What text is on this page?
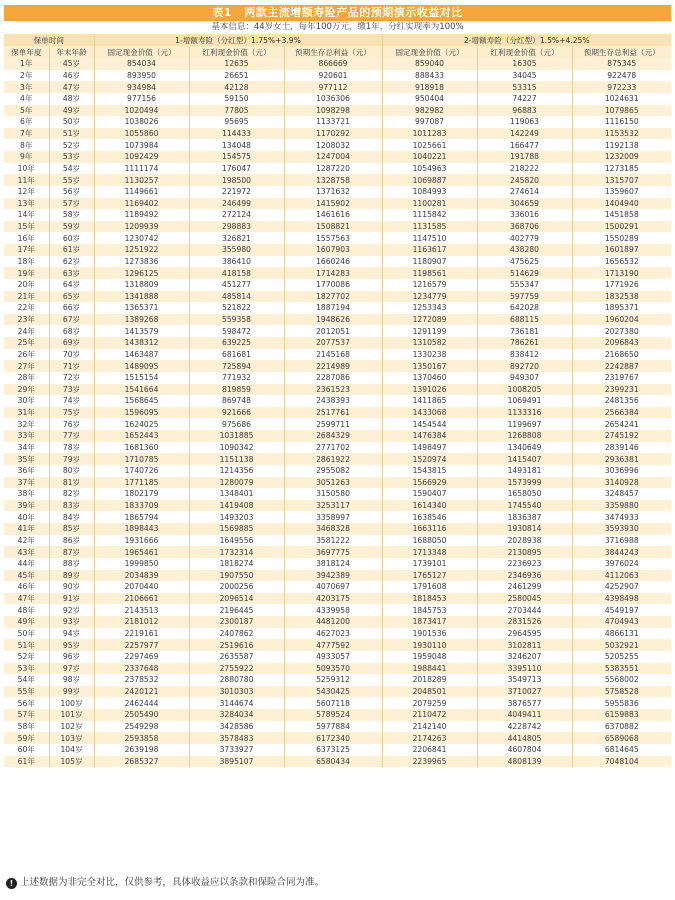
表1 两款主流增额寿险产品的预期演示收益对比
基本信息：44岁女士，每年100万元，缴1年，分红实现率为100%
保单时间		1-增额寿险（分红型）1.75%+3.9%			2-增额寿险（分红型）1.5%+4.25%		
保单年度	年末年龄	固定现金价值（元）	红利现金价值（元）	预期生存总利益（元）	固定现金价值（元）	红利现金价值（元）	预期生存总利益（元）
1年	45岁	854034	12635	866669	859040	16305	875345
2年	46岁	893950	26651	920601	888433	34045	922478
3年	47岁	934984	42128	977112	918918	53315	972233
4年	48岁	977156	59150	1036306	950404	74227	1024631
5年	49岁	1020494	77805	1098298	982982	96883	1079865
6年	50岁	1038026	95695	1133721	997087	119063	1116150
7年	51岁	1055860	114433	1170292	1011283	142249	1153532
8年	52岁	1073984	134048	1208032	1025661	166477	1192138
9年	53岁	1092429	154575	1247004	1040221	191788	1232009
10年	54岁	1111174	176047	1287220	1054963	218222	1273185
11年	55岁	1130257	198500	1328758	1069887	245820	1315707
12年	56岁	1149661	221972	1371632	1084993	274614	1359607
13年	57岁	1169402	246499	1415902	1100281	304659	1404940
14年	58岁	1189492	272124	1461616	1115842	336016	1451858
15年	59岁	1209939	298883	1508821	1131585	368706	1500291
16年	60岁	1230742	326821	1557563	1147510	402779	1550289
17年	61岁	1251922	355980	1607903	1163617	438280	1601897
18年	62岁	1273836	386410	1660246	1180907	475625	1656532
19年	63岁	1296125	418158	1714283	1198561	514629	1713190
20年	64岁	1318809	451277	1770086	1216579	555347	1771926
21年	65岁	1341888	485814	1827702	1234779	597759	1832538
22年	66岁	1365371	521822	1887194	1253343	642028	1895371
23年	67岁	1389268	559358	1948626	1272089	688115	1960204
24年	68岁	1413579	598472	2012051	1291199	736181	2027380
25年	69岁	1438312	639225	2077537	1310582	786261	2096843
26年	70岁	1463487	681681	2145168	1330238	838412	2168650
27年	71岁	1489095	725894	2214989	1350167	892720	2242887
28年	72岁	1515154	771932	2287086	1370460	949307	2319767
29年	73岁	1541664	819859	2361523	1391026	1008205	2399231
30年	74岁	1568645	869748	2438393	1411865	1069491	2481356
31年	75岁	1596095	921666	2517761	1433068	1133316	2566384
32年	76岁	1624025	975686	2599711	1454544	1199697	2654241
33年	77岁	1652443	1031885	2684329	1476384	1268808	2745192
34年	78岁	1681360	1090342	2771702	1498497	1340649	2839146
35年	79岁	1710785	1151138	2861922	1520974	1415407	2936381
36年	80岁	1740726	1214356	2955082	1543815	1493181	3036996
37年	81岁	1771185	1280079	3051263	1566929	1573999	3140928
38年	82岁	1802179	1348401	3150580	1590407	1658050	3248457
39年	83岁	1833709	1419408	3253117	1614340	1745540	3359880
40年	84岁	1865794	1493203	3358997	1638546	1836387	3474933
41年	85岁	1898443	1569885	3468328	1663116	1930814	3593930
42年	86岁	1931666	1649556	3581222	1688050	2028938	3716988
43年	87岁	1965461	1732314	3697775	1713348	2130895	3844243
44年	88岁	1999850	1818274	3818124	1739101	2236923	3976024
45年	89岁	2034839	1907550	3942389	1765127	2346936	4112063
46年	90岁	2070440	2000256	4070697	1791608	2461299	4252907
47年	91岁	2106661	2096514	4203175	1818453	2580045	4398498
48年	92岁	2143513	2196445	4339958	1845753	2703444	4549197
49年	93岁	2181012	2300187	4481200	1873417	2831526	4704943
50年	94岁	2219161	2407862	4627023	1901536	2964595	4866131
51年	95岁	2257977	2519616	4777592	1930110	3102811	5032921
52年	96岁	2297469	2635587	4933057	1959048	3246207	5205255
53年	97岁	2337648	2755922	5093570	1988441	3395110	5383551
54年	98岁	2378532	2880780	5259312	2018289	3549713	5568002
55年	99岁	2420121	3010303	5430425	2048501	3710027	5758528
56年	100岁	2462444	3144674	5607118	2079259	3876577	5955836
57年	101岁	2505490	3284034	5789524	2110472	4049411	6159883
58年	102岁	2549298	3428586	5977884	2142140	4228742	6370882
59年	103岁	2593858	3578483	6172340	2174263	4414805	6589068
60年	104岁	2639198	3733927	6373125	2206841	4607804	6814645
61年	105岁	2685327	3895107	6580434	2239965	4808139	7048104
! 上述数据为非完全对比，仅供参考，具体收益应以条款和保险合同为准。
